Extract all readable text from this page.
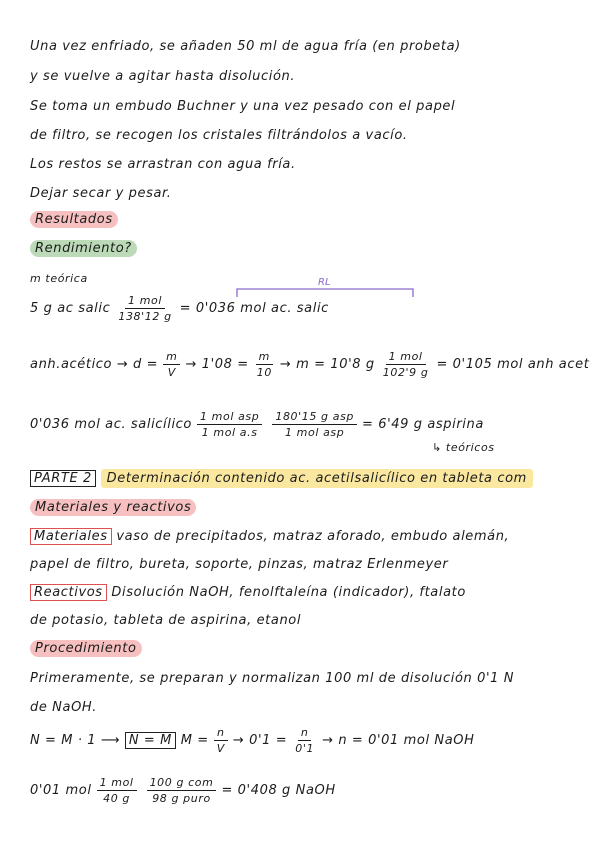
Una vez enfriado, se añaden 50 ml de agua fría (en probeta)
y se vuelve a agitar hasta disolución.
Se toma un embudo Buchner y una vez pesado con el papel
de filtro, se recogen los cristales filtrándolos a vacío.
Los restos se arrastran con agua fría.
Dejar secar y pesar.
Resultados
Rendimiento?
m teórica	RL
5 g ac salic $\frac{\text{1 mol}}{138'12 g} = 0'036$ mol ac. salic
anh.acético → $d = \frac{m}{V} \to 1'08 = \frac{m}{10} \to m = 10'8$ g $\frac{\text{1 mol}}{102'9 g} = 0'105$ mol anh acet
0'036 mol ac. salicílico $\frac{\text{1 mol asp}}{\text{1 mol a.s}} \frac{\text{180'15 g asp}}{\text{1 mol asp}} = 6'49$ g aspirina
↳ teóricos
PARTE 2 Determinación contenido ac. acetilsalicílico en tableta com
Materiales y reactivos
Materiales vaso de precipitados, matraz aforado, embudo alemán,
papel de filtro, bureta, soporte, pinzas, matraz Erlenmeyer
Reactivos Disolución NaOH, fenolftaleína (indicador), ftalato
de potasio, tableta de aspirina, etanol
Procedimiento
Primeramente, se preparan y normalizan 100 ml de disolución 0'1 N
de NaOH.
N = M · 1 ⟶ N = M $M = \frac{n}{V} \to 0'1 = \frac{n}{0'1} \to n = 0'01$ mol NaOH
0'01 mol $\frac{\text{1 mol}}{40 g} \frac{\text{100 g com}}{\text{98 g puro}} = 0'408$ g NaOH
